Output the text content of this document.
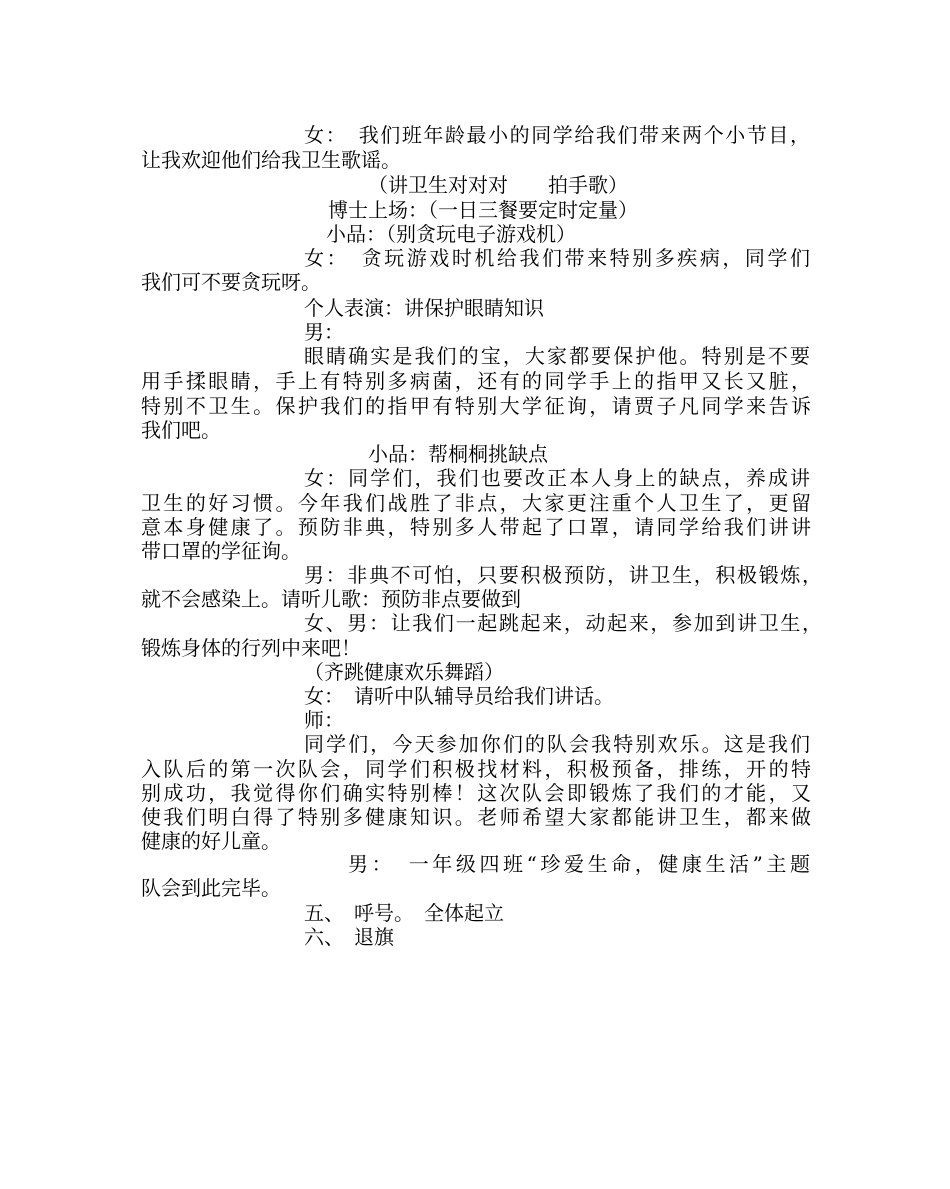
女：　我们班年龄最小的同学给我们带来两个小节目，
让我欢迎他们给我卫生歌谣。
（讲卫生对对对　　拍手歌）
博士上场：（一日三餐要定时定量）
小品：（别贪玩电子游戏机）
女：　贪玩游戏时机给我们带来特别多疾病，同学们
我们可不要贪玩呀。
个人表演：讲保护眼睛知识
男：
眼睛确实是我们的宝，大家都要保护他。特别是不要
用手揉眼睛，手上有特别多病菌，还有的同学手上的指甲又长又脏，
特别不卫生。保护我们的指甲有特别大学征询，请贾子凡同学来告诉
我们吧。
小品：帮桐桐挑缺点
女：同学们，我们也要改正本人身上的缺点，养成讲
卫生的好习惯。今年我们战胜了非点，大家更注重个人卫生了，更留
意本身健康了。预防非典，特别多人带起了口罩，请同学给我们讲讲
带口罩的学征询。
男：非典不可怕，只要积极预防，讲卫生，积极锻炼，
就不会感染上。请听儿歌：预防非点要做到
女、男：让我们一起跳起来，动起来，参加到讲卫生，
锻炼身体的行列中来吧！
（齐跳健康欢乐舞蹈）
女：　请听中队辅导员给我们讲话。
师：
同学们，今天参加你们的队会我特别欢乐。这是我们
入队后的第一次队会，同学们积极找材料，积极预备，排练，开的特
别成功，我觉得你们确实特别棒！这次队会即锻炼了我们的才能，又
使我们明白得了特别多健康知识。老师希望大家都能讲卫生，都来做
健康的好儿童。
男：　一年级四班“珍爱生命，健康生活”主题
队会到此完毕。
五、　呼号。　全体起立
六、　退旗
